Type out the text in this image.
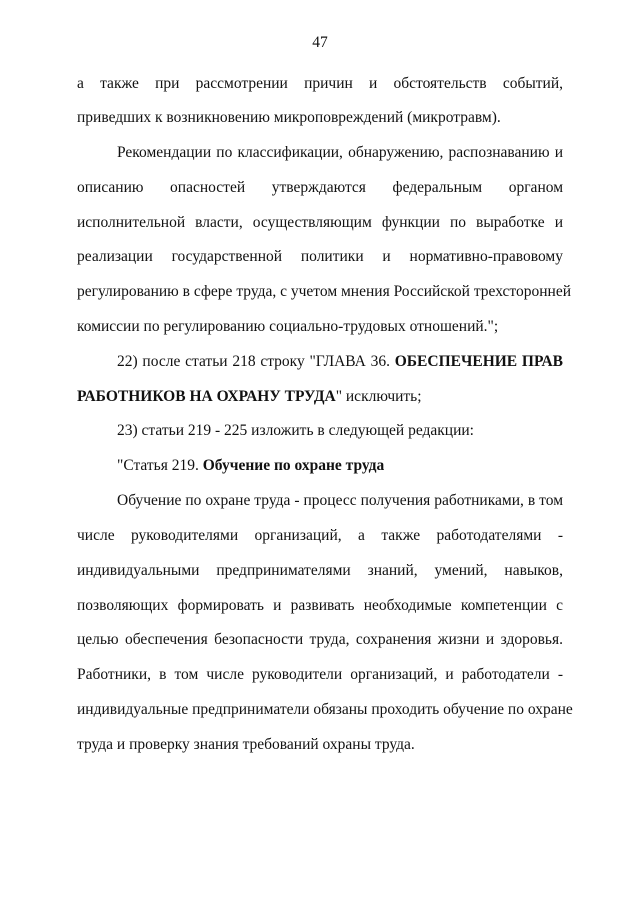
47
а также при рассмотрении причин и обстоятельств событий,
приведших к возникновению микроповреждений (микротравм).
Рекомендации по классификации, обнаружению, распознаванию и
описанию опасностей утверждаются федеральным органом
исполнительной власти, осуществляющим функции по выработке и
реализации государственной политики и нормативно-правовому
регулированию в сфере труда, с учетом мнения Российской трехсторонней
комиссии по регулированию социально-трудовых отношений.";
22) после статьи 218 строку "ГЛАВА 36. ОБЕСПЕЧЕНИЕ ПРАВ
РАБОТНИКОВ НА ОХРАНУ ТРУДА" исключить;
23) статьи 219 - 225 изложить в следующей редакции:
"Статья 219. Обучение по охране труда
Обучение по охране труда - процесс получения работниками, в том
числе руководителями организаций, а также работодателями -
индивидуальными предпринимателями знаний, умений, навыков,
позволяющих формировать и развивать необходимые компетенции с
целью обеспечения безопасности труда, сохранения жизни и здоровья.
Работники, в том числе руководители организаций, и работодатели -
индивидуальные предприниматели обязаны проходить обучение по охране
труда и проверку знания требований охраны труда.
